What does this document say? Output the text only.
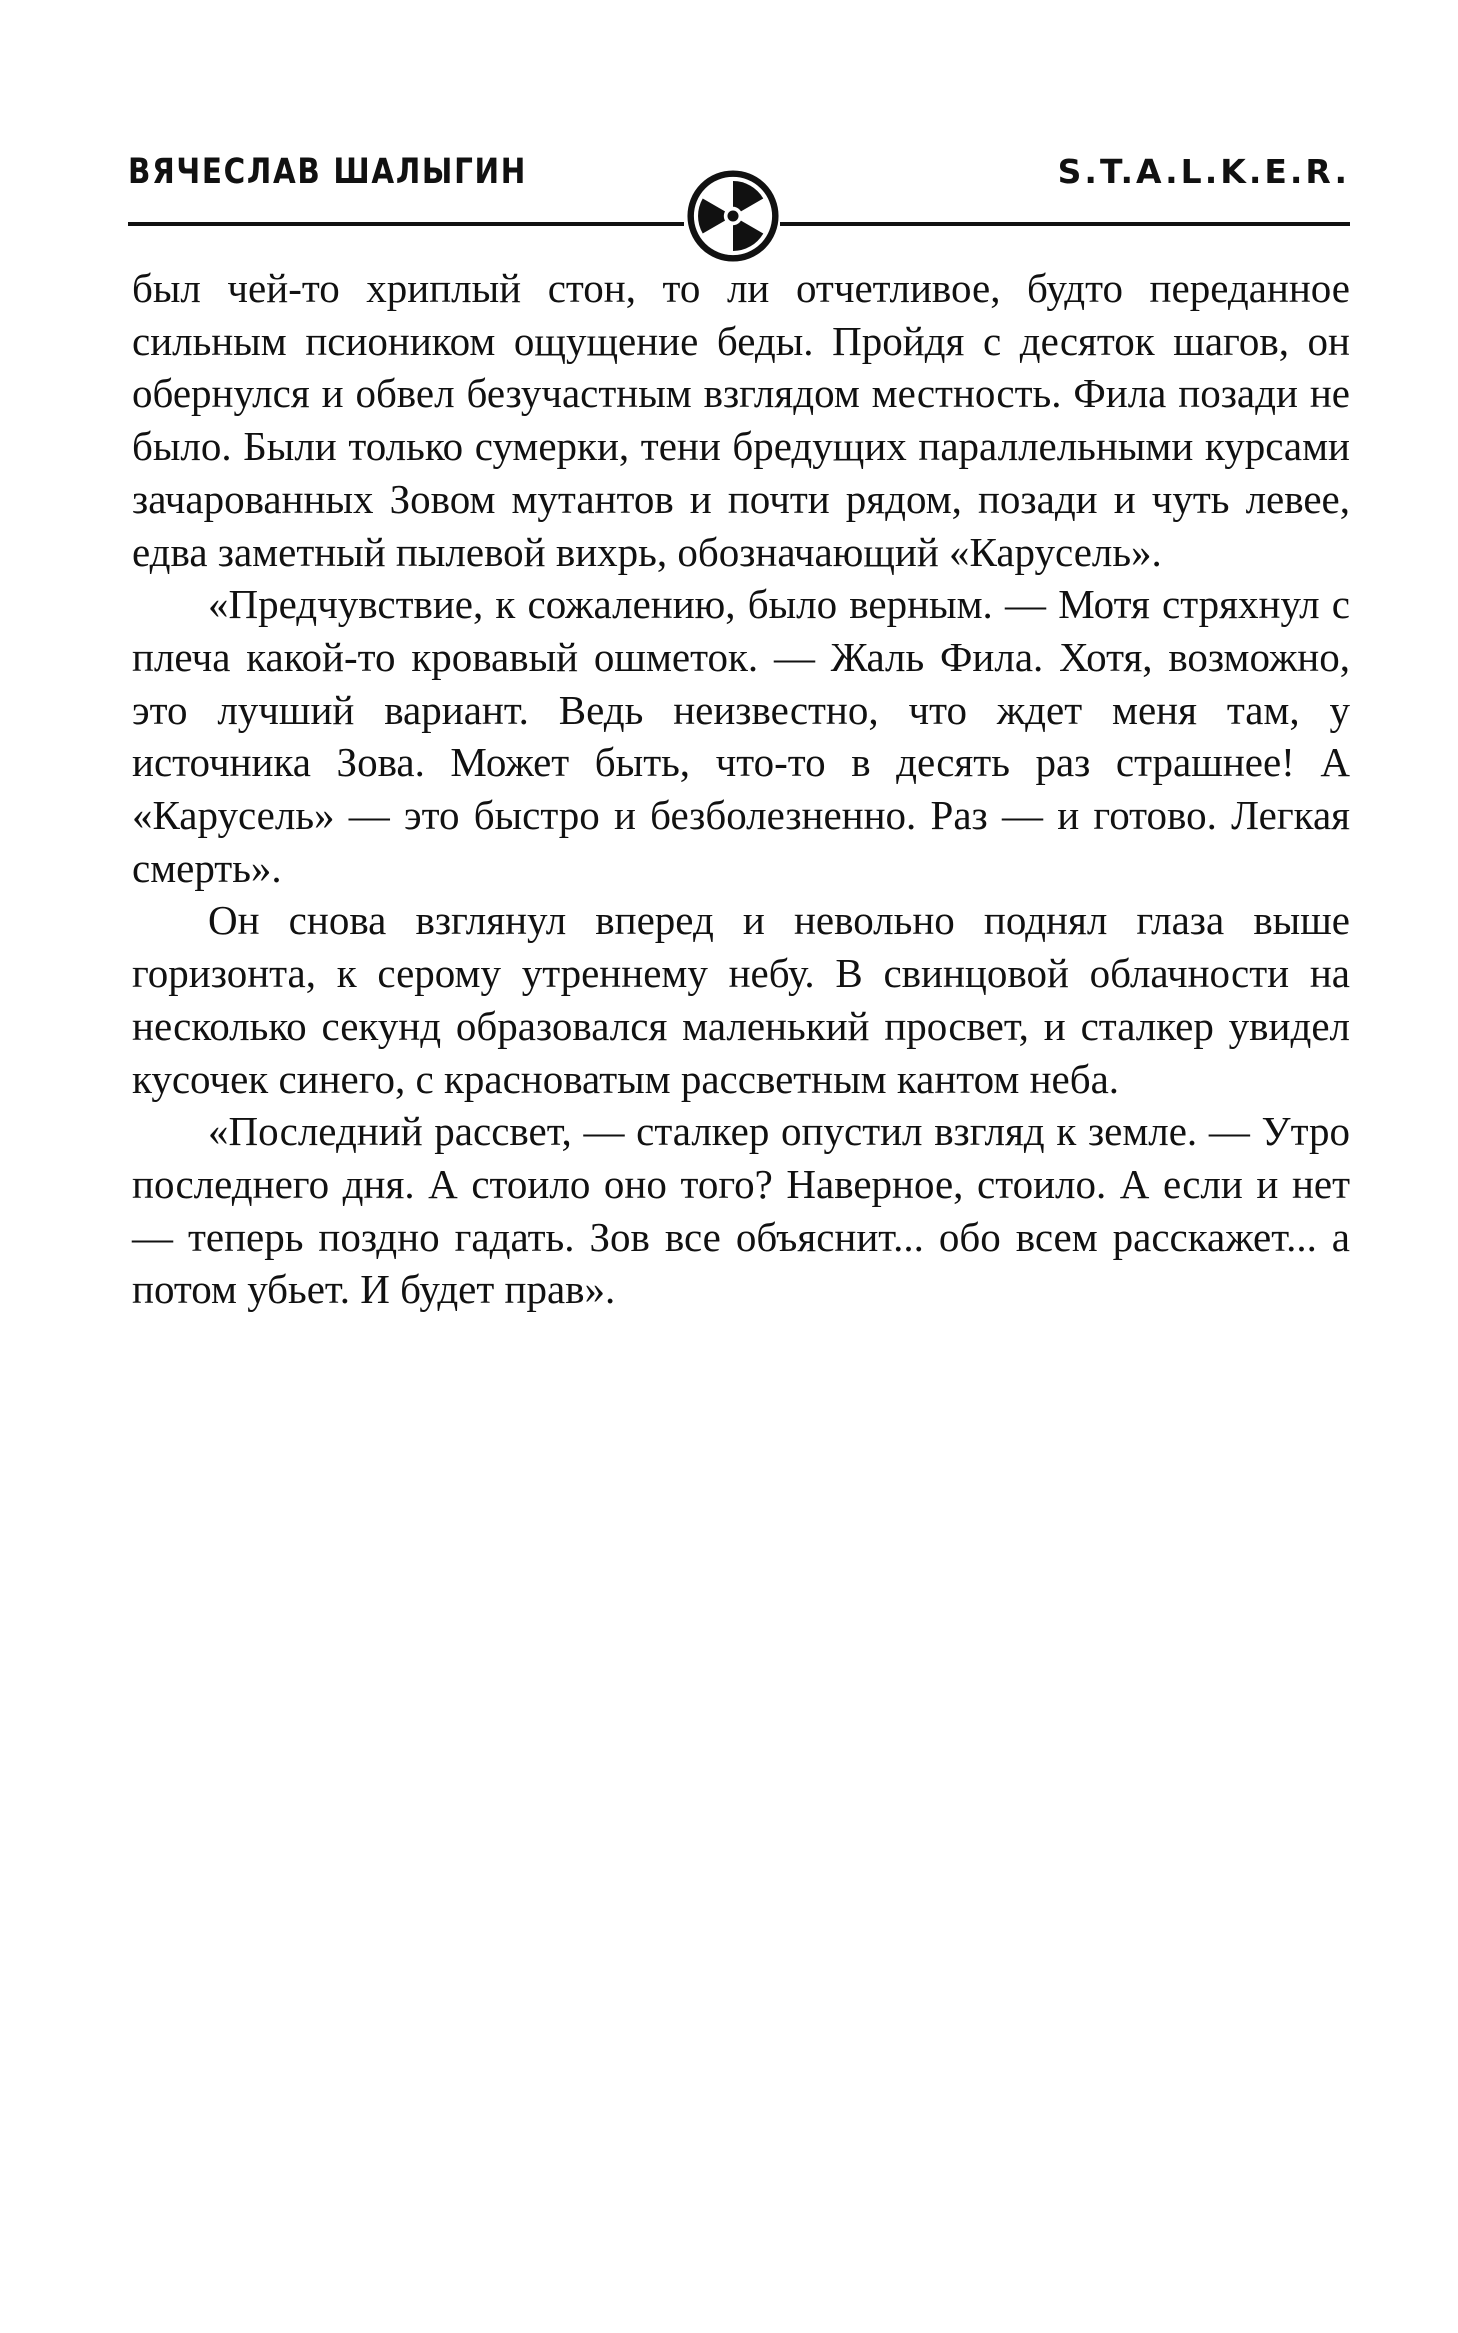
ВЯЧЕСЛАВ ШАЛЫГИН	S.T.A.L.K.E.R.

был чей-то хриплый стон, то ли отчетливое, будто переданное сильным псиоником ощущение беды. Пройдя с десяток шагов, он обернулся и обвел безучастным взглядом местность. Фила позади не было. Были только сумерки, тени бредущих параллельными курсами зачарованных Зовом мутантов и почти рядом, позади и чуть левее, едва заметный пылевой вихрь, обозначающий «Карусель».

«Предчувствие, к сожалению, было верным. — Мотя стряхнул с плеча какой-то кровавый ошметок. — Жаль Фила. Хотя, возможно, это лучший вариант. Ведь неизвестно, что ждет меня там, у источника Зова. Может быть, что-то в десять раз страшнее! А «Карусель» — это быстро и безболезненно. Раз — и готово. Легкая смерть».

Он снова взглянул вперед и невольно поднял глаза выше горизонта, к серому утреннему небу. В свинцовой облачности на несколько секунд образовался маленький просвет, и сталкер увидел кусочек синего, с красноватым рассветным кантом неба.

«Последний рассвет, — сталкер опустил взгляд к земле. — Утро последнего дня. А стоило оно того? Наверное, стоило. А если и нет — теперь поздно гадать. Зов все объяснит... обо всем расскажет... а потом убьет. И будет прав».
